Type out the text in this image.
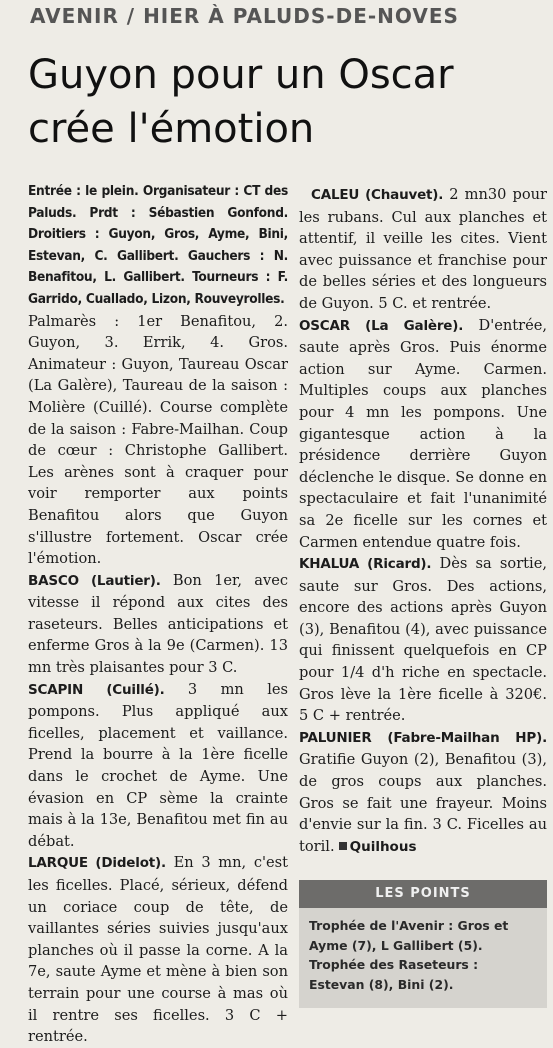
AVENIR / HIER À PALUDS-DE-NOVES
Guyon pour un Oscar
crée l'émotion

Entrée : le plein. Organisateur : CT des Paluds. Prdt : Sébastien Gonfond. Droitiers : Guyon, Gros, Ayme, Bini, Estevan, C. Gallibert. Gauchers : N. Benafitou, L. Gallibert. Tourneurs : F. Garrido, Cuallado, Lizon, Rouveyrolles.

Palmarès : 1er Benafitou, 2. Guyon, 3. Errik, 4. Gros. Animateur : Guyon, Taureau Oscar (La Galère), Taureau de la saison : Molière (Cuillé). Course complète de la saison : Fabre-Mailhan. Coup de cœur : Christophe Gallibert. Les arènes sont à craquer pour voir remporter aux points Benafitou alors que Guyon s'illustre fortement. Oscar crée l'émotion.

BASCO (Lautier). Bon 1er, avec vitesse il répond aux cites des raseteurs. Belles anticipations et enferme Gros à la 9e (Carmen). 13 mn très plaisantes pour 3 C.

SCAPIN (Cuillé). 3 mn les pompons. Plus appliqué aux ficelles, placement et vaillance. Prend la bourre à la 1ère ficelle dans le crochet de Ayme. Une évasion en CP sème la crainte mais à la 13e, Benafitou met fin au débat.

LARQUE (Didelot). En 3 mn, c'est les ficelles. Placé, sérieux, défend un coriace coup de tête, de vaillantes séries suivies jusqu'aux planches où il passe la corne. A la 7e, saute Ayme et mène à bien son terrain pour une course à mas où il rentre ses ficelles. 3 C + rentrée.

CALEU (Chauvet). 2 mn30 pour les rubans. Cul aux planches et attentif, il veille les cites. Vient avec puissance et franchise pour de belles séries et des longueurs de Guyon. 5 C. et rentrée.

OSCAR (La Galère). D'entrée, saute après Gros. Puis énorme action sur Ayme. Carmen. Multiples coups aux planches pour 4 mn les pompons. Une gigantesque action à la présidence derrière Guyon déclenche le disque. Se donne en spectaculaire et fait l'unanimité sa 2e ficelle sur les cornes et Carmen entendue quatre fois.

KHALUA (Ricard). Dès sa sortie, saute sur Gros. Des actions, encore des actions après Guyon (3), Benafitou (4), avec puissance qui finissent quelquefois en CP pour 1/4 d'h riche en spectacle. Gros lève la 1ère ficelle à 320€. 5 C + rentrée.

PALUNIER (Fabre-Mailhan HP). Gratifie Guyon (2), Benafitou (3), de gros coups aux planches. Gros se fait une frayeur. Moins d'envie sur la fin. 3 C. Ficelles au toril. Quilhous

LES POINTS
Trophée de l'Avenir : Gros et Ayme (7), L Gallibert (5). Trophée des Raseteurs : Estevan (8), Bini (2).
